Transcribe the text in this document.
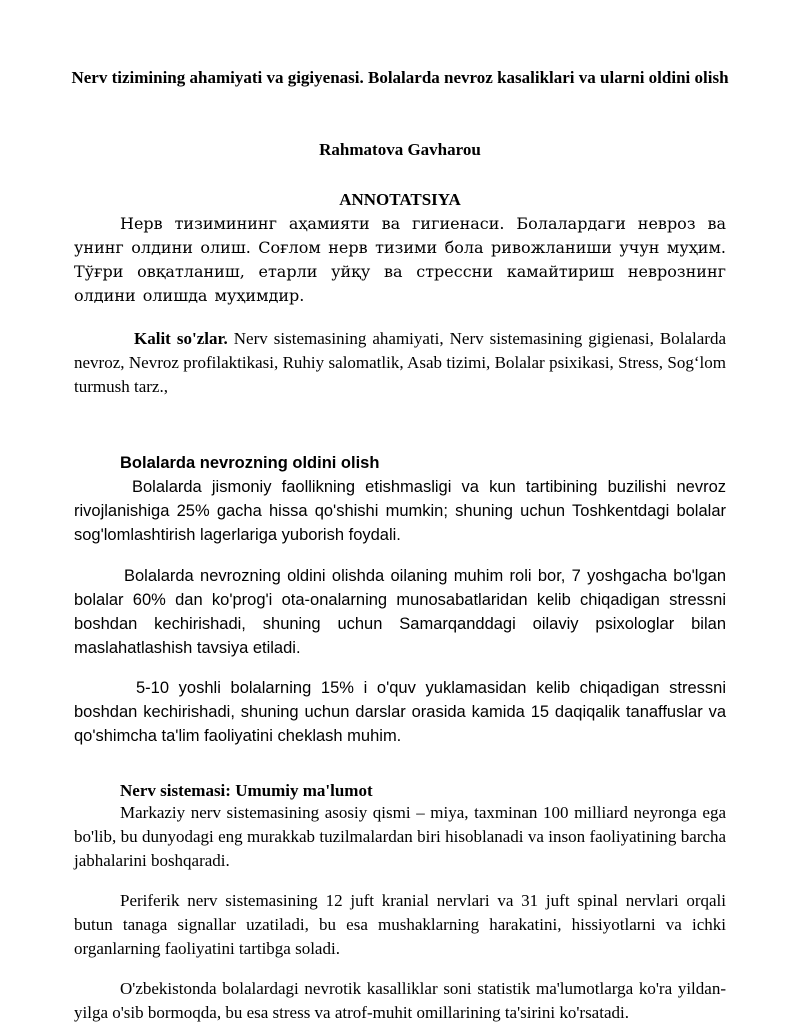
Nerv tizimining ahamiyati va gigiyenasi. Bolalarda nevroz kasaliklari va ularni oldini olish
Rahmatova Gavharou
ANNOTATSIYA

Нерв тизимининг аҳамияти ва гигиенаси. Болалардаги невроз ва унинг олдини олиш. Соғлом нерв тизими бола ривожланиши учун муҳим. Тўғри овқатланиш, етарли уйқу ва стрессни камайтириш неврознинг олдини олишда муҳимдир.

Kalit so'zlar. Nerv sistemasining ahamiyati, Nerv sistemasining gigienasi, Bolalarda nevroz, Nevroz profilaktikasi, Ruhiy salomatlik, Asab tizimi, Bolalar psixikasi, Stress, Sog‘lom turmush tarz.,

Bolalarda nevrozning oldini olish

Bolalarda jismoniy faollikning etishmasligi va kun tartibining buzilishi nevroz rivojlanishiga 25% gacha hissa qo'shishi mumkin; shuning uchun Toshkentdagi bolalar sog'lomlashtirish lagerlariga yuborish foydali.

Bolalarda nevrozning oldini olishda oilaning muhim roli bor, 7 yoshgacha bo'lgan bolalar 60% dan ko'prog'i ota-onalarning munosabatlaridan kelib chiqadigan stressni boshdan kechirishadi, shuning uchun Samarqanddagi oilaviy psixologlar bilan maslahatlashish tavsiya etiladi.

5-10 yoshli bolalarning 15% i o'quv yuklamasidan kelib chiqadigan stressni boshdan kechirishadi, shuning uchun darslar orasida kamida 15 daqiqalik tanaffuslar va qo'shimcha ta'lim faoliyatini cheklash muhim.

Nerv sistemasi: Umumiy ma'lumot

Markaziy nerv sistemasining asosiy qismi – miya, taxminan 100 milliard neyronga ega bo'lib, bu dunyodagi eng murakkab tuzilmalardan biri hisoblanadi va inson faoliyatining barcha jabhalarini boshqaradi.

Periferik nerv sistemasining 12 juft kranial nervlari va 31 juft spinal nervlari orqali butun tanaga signallar uzatiladi, bu esa mushaklarning harakatini, hissiyotlarni va ichki organlarning faoliyatini tartibga soladi.

O'zbekistonda bolalardagi nevrotik kasalliklar soni statistik ma'lumotlarga ko'ra yildan-yilga o'sib bormoqda, bu esa stress va atrof-muhit omillarining ta'sirini ko'rsatadi.
